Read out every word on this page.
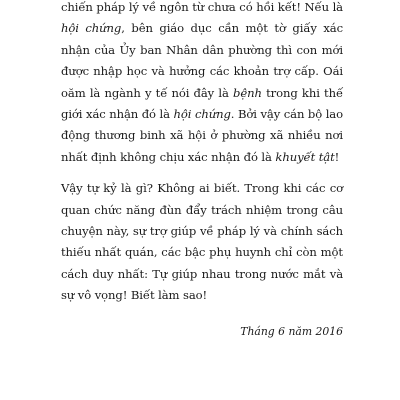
chiến pháp lý về ngôn từ chưa có hồi kết! Nếu là hội chứng, bên giáo dục cần một tờ giấy xác nhận của Ủy ban Nhân dân phường thì con mới được nhập học và hưởng các khoản trợ cấp. Oái oăm là ngành y tế nói đây là bệnh trong khi thế giới xác nhận đó là hội chứng. Bởi vậy cán bộ lao động thương binh xã hội ở phường xã nhiều nơi nhất định không chịu xác nhận đó là khuyết tật!

Vậy tự kỷ là gì? Không ai biết. Trong khi các cơ quan chức năng đùn đẩy trách nhiệm trong câu chuyện này, sự trợ giúp về pháp lý và chính sách thiếu nhất quán, các bậc phụ huynh chỉ còn một cách duy nhất: Tự giúp nhau trong nước mắt và sự vô vọng! Biết làm sao!

Tháng 6 năm 2016
